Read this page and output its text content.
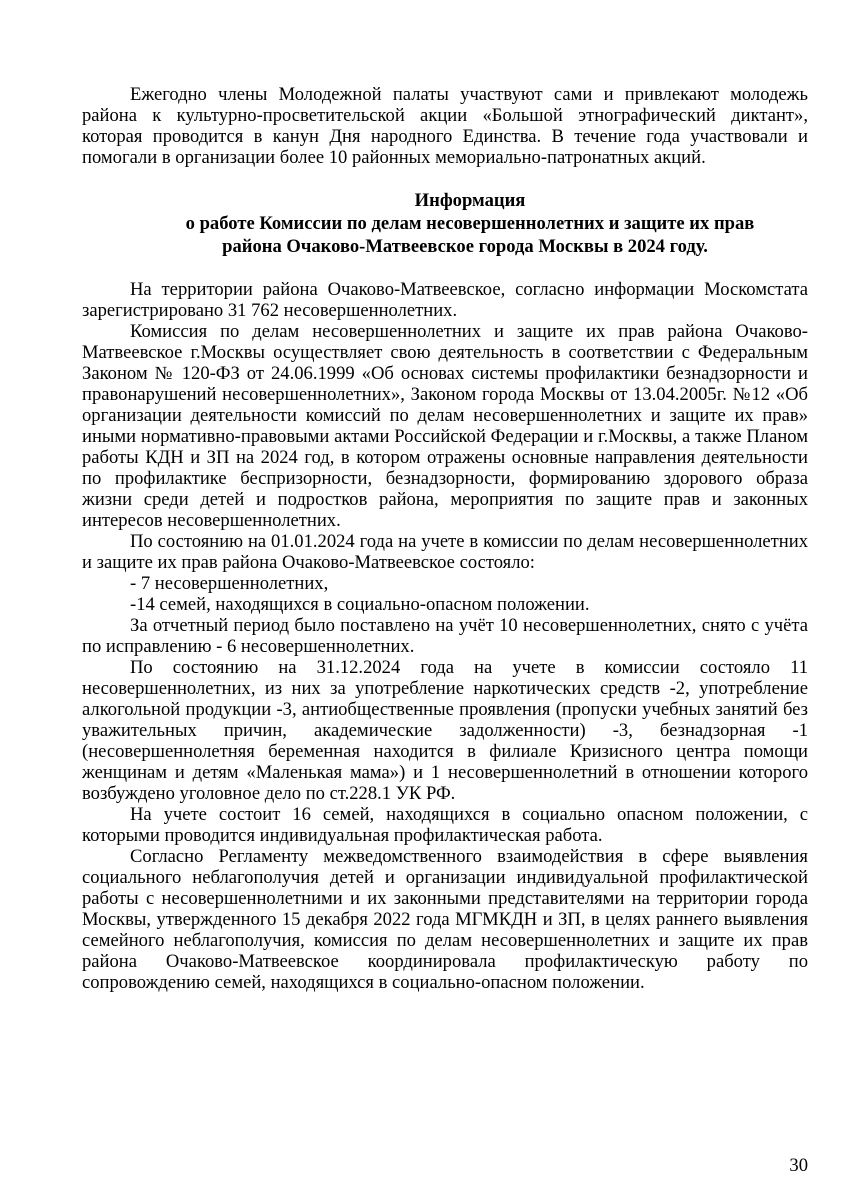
Ежегодно члены Молодежной палаты участвуют сами и привлекают молодежь района к культурно-просветительской акции «Большой этнографический диктант», которая проводится в канун Дня народного Единства. В течение года участвовали и помогали в организации более 10 районных мемориально-патронатных акций.

Информация
о работе Комиссии по делам несовершеннолетних и защите их прав
района Очаково-Матвеевское города Москвы в 2024 году.

На территории района Очаково-Матвеевское, согласно информации Москомстата зарегистрировано 31 762 несовершеннолетних.

Комиссия по делам несовершеннолетних и защите их прав района Очаково-Матвеевское г.Москвы осуществляет свою деятельность в соответствии с Федеральным Законом № 120-ФЗ от 24.06.1999 «Об основах системы профилактики безнадзорности и правонарушений несовершеннолетних», Законом города Москвы от 13.04.2005г. №12 «Об организации деятельности комиссий по делам несовершеннолетних и защите их прав» иными нормативно-правовыми актами Российской Федерации и г.Москвы, а также Планом работы КДН и ЗП на 2024 год, в котором отражены основные направления деятельности по профилактике беспризорности, безнадзорности, формированию здорового образа жизни среди детей и подростков района, мероприятия по защите прав и законных интересов несовершеннолетних.

По состоянию на 01.01.2024 года на учете в комиссии по делам несовершеннолетних и защите их прав района Очаково-Матвеевское состояло:

- 7 несовершеннолетних,

-14 семей, находящихся в социально-опасном положении.

За отчетный период было поставлено на учёт 10 несовершеннолетних, снято с учёта по исправлению - 6 несовершеннолетних.

По состоянию на 31.12.2024 года на учете в комиссии состояло 11 несовершеннолетних, из них за употребление наркотических средств -2, употребление алкогольной продукции -3, антиобщественные проявления (пропуски учебных занятий без уважительных причин, академические задолженности) -3, безнадзорная -1 (несовершеннолетняя беременная находится в филиале Кризисного центра помощи женщинам и детям «Маленькая мама») и 1 несовершеннолетний в отношении которого возбуждено уголовное дело по ст.228.1 УК РФ.

На учете состоит 16 семей, находящихся в социально опасном положении, с которыми проводится индивидуальная профилактическая работа.

Согласно Регламенту межведомственного взаимодействия в сфере выявления социального неблагополучия детей и организации индивидуальной профилактической работы с несовершеннолетними и их законными представителями на территории города Москвы, утвержденного 15 декабря 2022 года МГМКДН и ЗП, в целях раннего выявления семейного неблагополучия, комиссия по делам несовершеннолетних и защите их прав района Очаково-Матвеевское координировала профилактическую работу по сопровождению семей, находящихся в социально-опасном положении.

30
